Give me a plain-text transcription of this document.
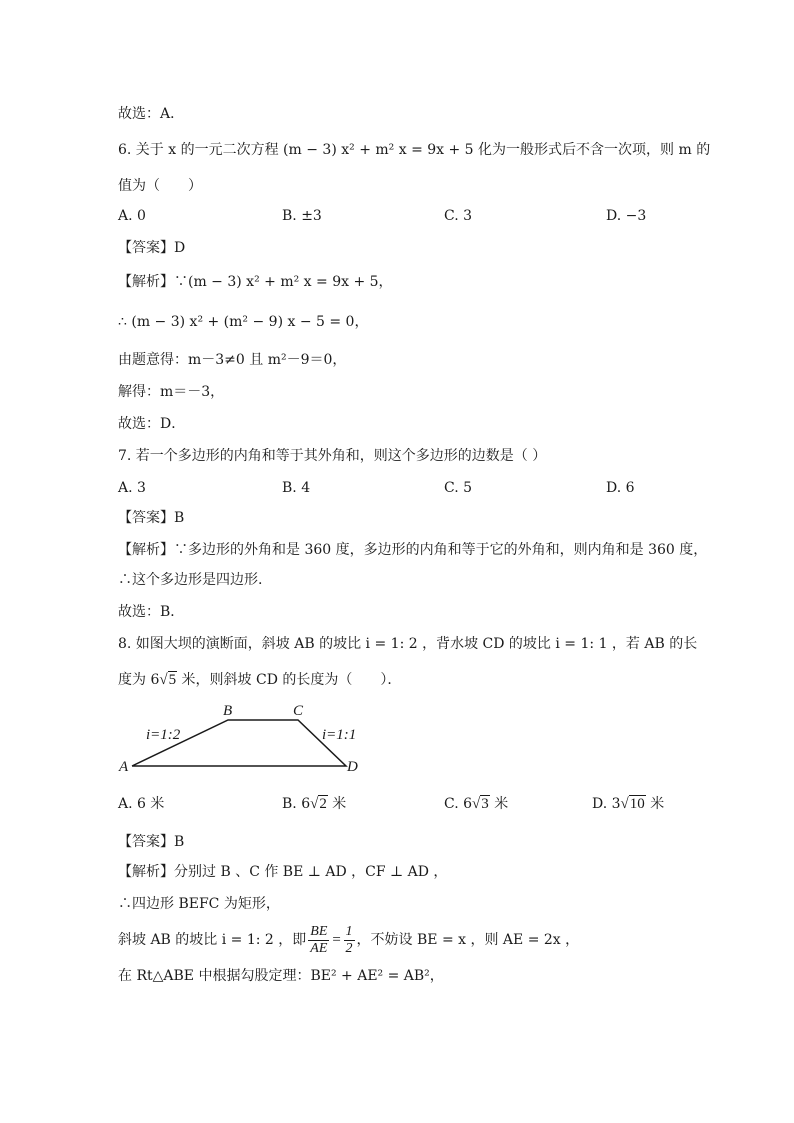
故选：A．
6. 关于 x 的一元二次方程 (m − 3) x² + m² x = 9x + 5 化为一般形式后不含一次项，则 m 的
值为（　　）
A. 0	B. ±3	C. 3	D. −3
【答案】D
【解析】∵(m − 3) x² + m² x = 9x + 5，
∴ (m − 3) x² + (m² − 9) x − 5 = 0，
由题意得：m－3≠0 且 m²－9＝0，
解得：m＝－3，
故选：D．
7. 若一个多边形的内角和等于其外角和，则这个多边形的边数是（ ）
A. 3	B. 4	C. 5	D. 6
【答案】B
【解析】∵多边形的外角和是 360 度，多边形的内角和等于它的外角和，则内角和是 360 度，
∴这个多边形是四边形.
故选：B．
8. 如图大坝的演断面，斜坡 AB 的坡比 i = 1: 2 ，背水坡 CD 的坡比 i = 1: 1 ，若 AB 的长
度为 6√5 米，则斜坡 CD 的长度为（　　）．
A
B	C
D
i=1:2	i=1:1
A. 6 米	B. 6√2 米	C. 6√3 米	D. 3√10 米
【答案】B
【解析】分别过 B 、C 作 BE ⊥ AD ，CF ⊥ AD ，
∴四边形 BEFC 为矩形，
斜坡 AB 的坡比 i = 1: 2 ，即 $\frac{BE}{AE} = \frac{1}{2}$ ，不妨设 BE = x ，则 AE = 2x ，
在 Rt△ABE 中根据勾股定理：BE² + AE² = AB²，
